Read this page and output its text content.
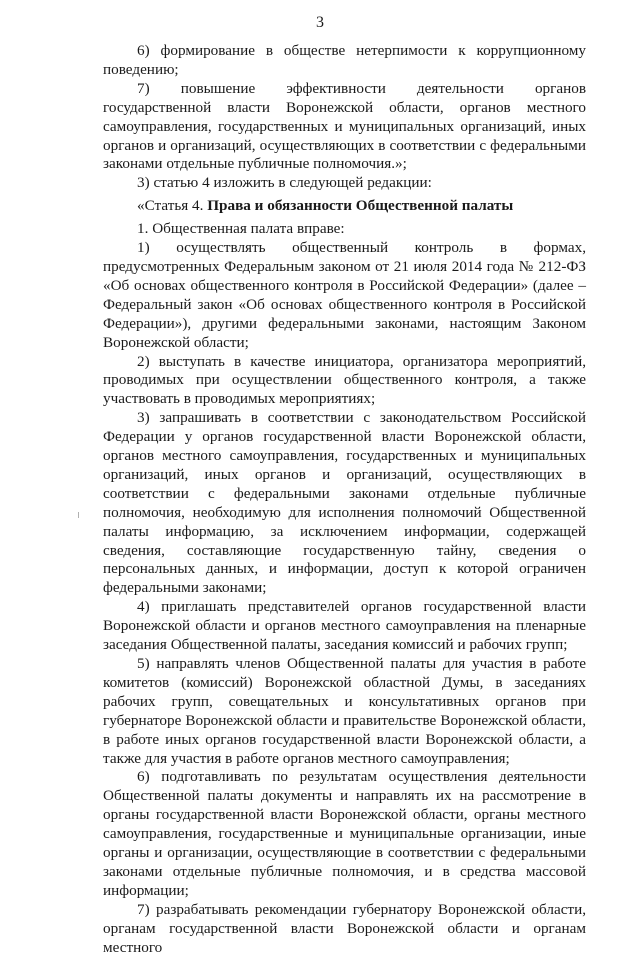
3

6) формирование в обществе нетерпимости к коррупционному поведению;

7) повышение эффективности деятельности органов государственной власти Воронежской области, органов местного самоуправления, государственных и муниципальных организаций, иных органов и организаций, осуществляющих в соответствии с федеральными законами отдельные публичные полномочия.»;

3) статью 4 изложить в следующей редакции:

«Статья 4. Права и обязанности Общественной палаты

1. Общественная палата вправе:

1) осуществлять общественный контроль в формах, предусмотренных Федеральным законом от 21 июля 2014 года № 212-ФЗ «Об основах общественного контроля в Российской Федерации» (далее – Федеральный закон «Об основах общественного контроля в Российской Федерации»), другими федеральными законами, настоящим Законом Воронежской области;

2) выступать в качестве инициатора, организатора мероприятий, проводимых при осуществлении общественного контроля, а также участвовать в проводимых мероприятиях;

3) запрашивать в соответствии с законодательством Российской Федерации у органов государственной власти Воронежской области, органов местного самоуправления, государственных и муниципальных организаций, иных органов и организаций, осуществляющих в соответствии с федеральными законами отдельные публичные полномочия, необходимую для исполнения полномочий Общественной палаты информацию, за исключением информации, содержащей сведения, составляющие государственную тайну, сведения о персональных данных, и информации, доступ к которой ограничен федеральными законами;

4) приглашать представителей органов государственной власти Воронежской области и органов местного самоуправления на пленарные заседания Общественной палаты, заседания комиссий и рабочих групп;

5) направлять членов Общественной палаты для участия в работе комитетов (комиссий) Воронежской областной Думы, в заседаниях рабочих групп, совещательных и консультативных органов при губернаторе Воронежской области и правительстве Воронежской области, в работе иных органов государственной власти Воронежской области, а также для участия в работе органов местного самоуправления;

6) подготавливать по результатам осуществления деятельности Общественной палаты документы и направлять их на рассмотрение в органы государственной власти Воронежской области, органы местного самоуправления, государственные и муниципальные организации, иные органы и организации, осуществляющие в соответствии с федеральными законами отдельные публичные полномочия, и в средства массовой информации;

7) разрабатывать рекомендации губернатору Воронежской области, органам государственной власти Воронежской области и органам местного
